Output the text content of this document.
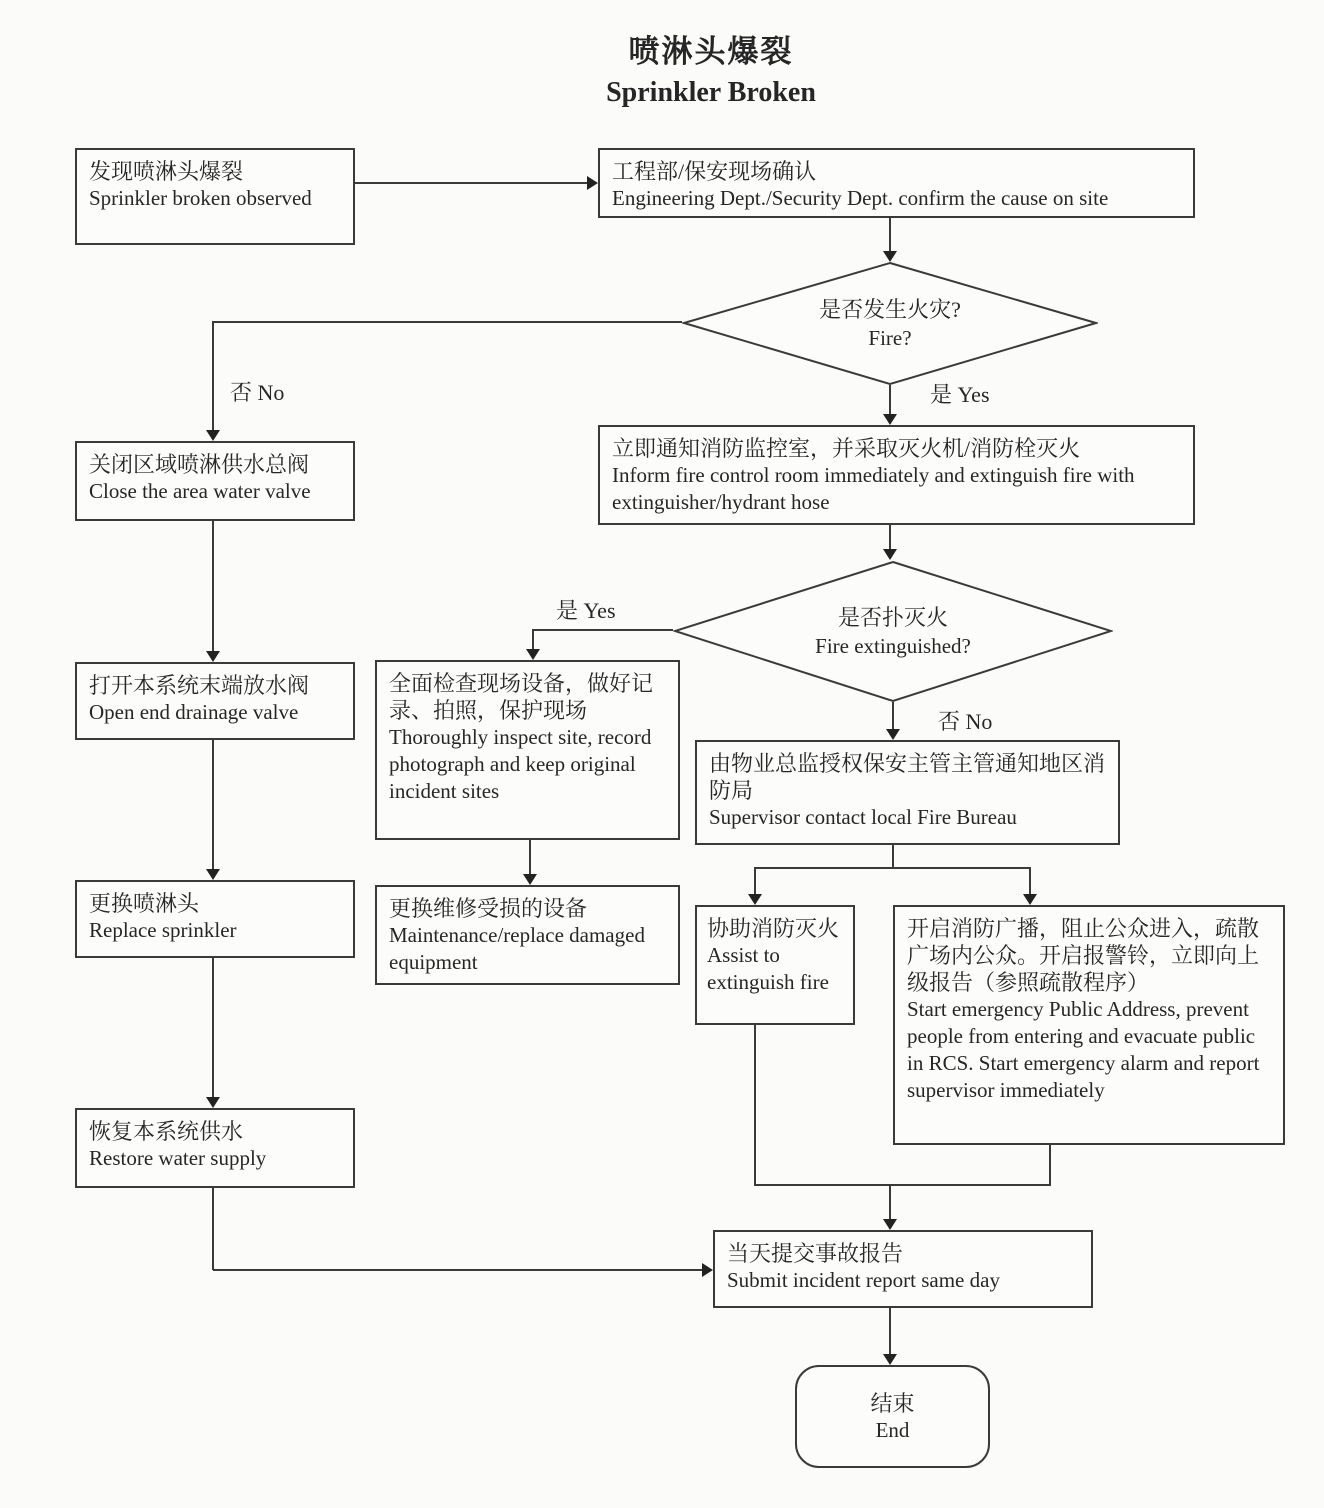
喷淋头爆裂
Sprinkler Broken
发现喷淋头爆裂
Sprinkler broken observed
工程部/保安现场确认
Engineering Dept./Security Dept. confirm the cause on site
关闭区域喷淋供水总阀
Close the area water valve
立即通知消防监控室，并采取灭火机/消防栓灭火
Inform fire control room immediately and extinguish fire with extinguisher/hydrant hose
打开本系统末端放水阀
Open end drainage valve
全面检查现场设备，做好记录、拍照，保护现场
Thoroughly inspect site, record photograph and keep original incident sites
由物业总监授权保安主管主管通知地区消防局
Supervisor contact local Fire Bureau
更换喷淋头
Replace sprinkler
更换维修受损的设备
Maintenance/replace damaged equipment
协助消防灭火
Assist to extinguish fire
开启消防广播，阻止公众进入，疏散广场内公众。开启报警铃，立即向上级报告（参照疏散程序）
Start emergency Public Address, prevent people from entering and evacuate public in RCS. Start emergency alarm and report supervisor immediately
恢复本系统供水
Restore water supply
当天提交事故报告
Submit incident report same day
结束
End
是否发生火灾?
Fire?
是否扑灭火
Fire extinguished?
否 No	是 Yes
是 Yes
否 No
